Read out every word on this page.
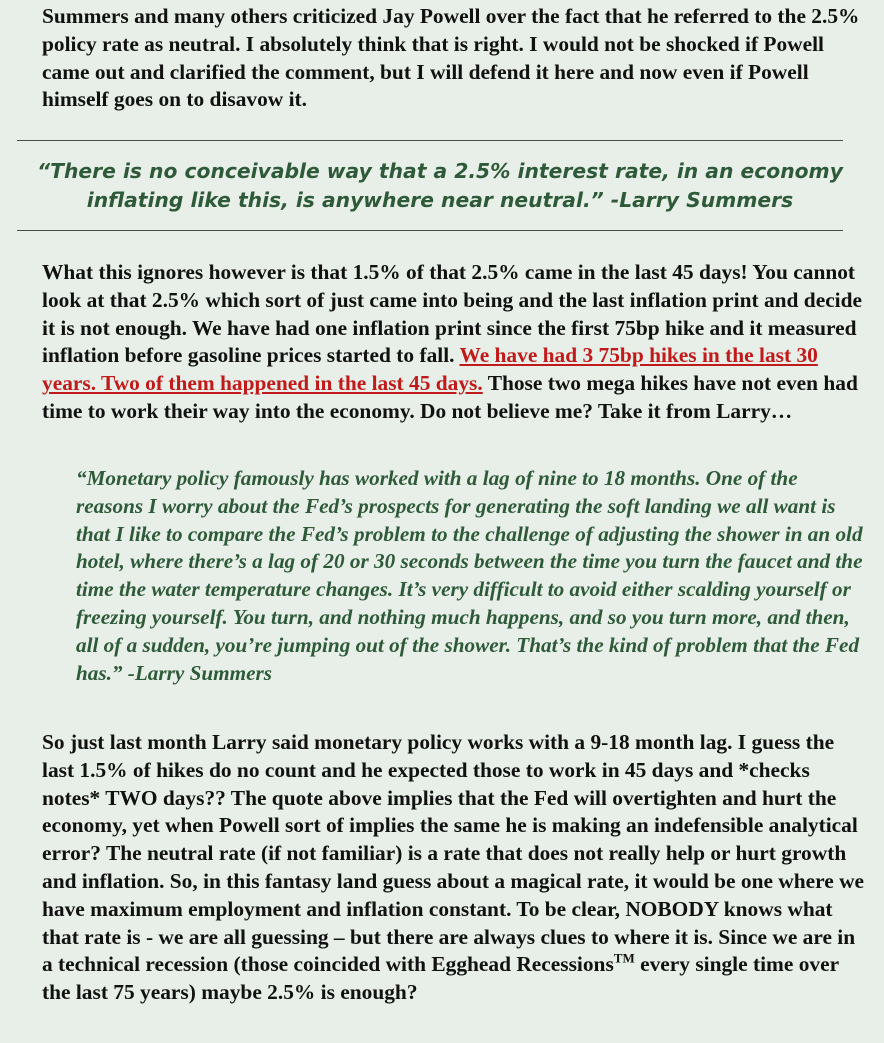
Summers and many others criticized Jay Powell over the fact that he referred to the 2.5% policy rate as neutral. I absolutely think that is right. I would not be shocked if Powell came out and clarified the comment, but I will defend it here and now even if Powell himself goes on to disavow it.

“There is no conceivable way that a 2.5% interest rate, in an economy inflating like this, is anywhere near neutral.” -Larry Summers

What this ignores however is that 1.5% of that 2.5% came in the last 45 days! You cannot look at that 2.5% which sort of just came into being and the last inflation print and decide it is not enough. We have had one inflation print since the first 75bp hike and it measured inflation before gasoline prices started to fall. We have had 3 75bp hikes in the last 30 years. Two of them happened in the last 45 days. Those two mega hikes have not even had time to work their way into the economy. Do not believe me? Take it from Larry…

“Monetary policy famously has worked with a lag of nine to 18 months. One of the reasons I worry about the Fed’s prospects for generating the soft landing we all want is that I like to compare the Fed’s problem to the challenge of adjusting the shower in an old hotel, where there’s a lag of 20 or 30 seconds between the time you turn the faucet and the time the water temperature changes. It’s very difficult to avoid either scalding yourself or freezing yourself. You turn, and nothing much happens, and so you turn more, and then, all of a sudden, you’re jumping out of the shower. That’s the kind of problem that the Fed has.” -Larry Summers

So just last month Larry said monetary policy works with a 9-18 month lag. I guess the last 1.5% of hikes do no count and he expected those to work in 45 days and *checks notes* TWO days?? The quote above implies that the Fed will overtighten and hurt the economy, yet when Powell sort of implies the same he is making an indefensible analytical error? The neutral rate (if not familiar) is a rate that does not really help or hurt growth and inflation. So, in this fantasy land guess about a magical rate, it would be one where we have maximum employment and inflation constant. To be clear, NOBODY knows what that rate is - we are all guessing – but there are always clues to where it is. Since we are in a technical recession (those coincided with Egghead Recessions™ every single time over the last 75 years) maybe 2.5% is enough?
